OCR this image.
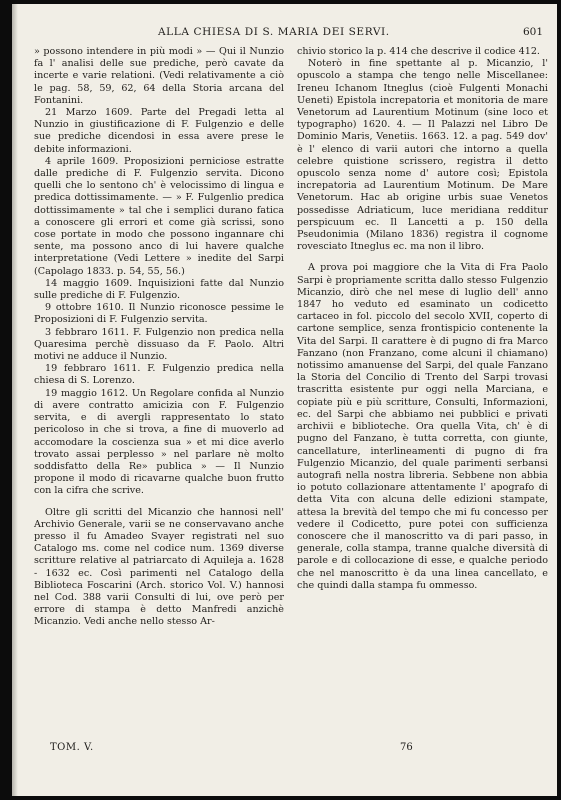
ALLA CHIESA DI S. MARIA DEI SERVI.	601

» possono intendere in più modi » — Qui il Nunzio fa l' analisi delle sue prediche, però cavate da incerte e varie relationi. (Vedi relativamente a ciò le pag. 58, 59, 62, 64 della Storia arcana del Fontanini.

21 Marzo 1609. Parte del Pregadi letta al Nunzio in giustificazione di F. Fulgenzio e delle sue prediche dicendosi in essa avere prese le debite informazioni.

4 aprile 1609. Proposizioni perniciose estratte dalle prediche di F. Fulgenzio servita. Dicono quelli che lo sentono ch' è velocissimo di lingua e predica dottissimamente. — » F. Fulgenlio predica dottissimamente » tal che i semplici durano fatica a conoscere gli errori et come già scrissi, sono cose portate in modo che possono ingannare chi sente, ma possono anco di lui havere qualche interpretatione (Vedi Lettere » inedite del Sarpi (Capolago 1833. p. 54, 55, 56.)

14 maggio 1609. Inquisizioni fatte dal Nunzio sulle prediche di F. Fulgenzio.

9 ottobre 1610. Il Nunzio riconosce pessime le Proposizioni di F. Fulgenzio servita.

3 febbraro 1611. F. Fulgenzio non predica nella Quaresima perchè dissuaso da F. Paolo. Altri motivi ne adduce il Nunzio.

19 febbraro 1611. F. Fulgenzio predica nella chiesa di S. Lorenzo.

19 maggio 1612. Un Regolare confida al Nunzio di avere contratto amicizia con F. Fulgenzio servita, e di avergli rappresentato lo stato pericoloso in che si trova, a fine di muoverlo ad accomodare la coscienza sua » et mi dice averlo trovato assai perplesso » nel parlare nè molto soddisfatto della Re» publica » — Il Nunzio propone il modo di ricavarne qualche buon frutto con la cifra che scrive.

Oltre gli scritti del Micanzio che hannosi nell' Archivio Generale, varii se ne conservavano anche presso il fu Amadeo Svayer registrati nel suo Catalogo ms. come nel codice num. 1369 diverse scritture relative al patriarcato di Aquileja a. 1628 - 1632 ec. Così parimenti nel Catalogo della Biblioteca Foscarini (Arch. storico Vol. V.) hannosi nel Cod. 388 varii Consulti di lui, ove però per errore di stampa è detto Manfredi anzichè Micanzio. Vedi anche nello stesso Ar-

chivio storico la p. 414 che descrive il codice 412.

Noterò in fine spettante al p. Micanzio, l' opuscolo a stampa che tengo nelle Miscellanee: Ireneu Ichanom Itneglus (cioè Fulgenti Monachi Ueneti) Epistola increpatoria et monitoria de mare Venetorum ad Laurentium Motinum (sine loco et typographo) 1620. 4. — Il Palazzi nel Libro De Dominio Maris, Venetiis. 1663. 12. a pag. 549 dov' è l' elenco di varii autori che intorno a quella celebre quistione scrissero, registra il detto opuscolo senza nome d' autore così; Epistola increpatoria ad Laurentium Motinum. De Mare Venetorum. Hac ab origine urbis suae Venetos possedisse Adriaticum, luce meridiana redditur perspicuum ec. Il Lancetti a p. 150 della Pseudonimia (Milano 1836) registra il cognome rovesciato Itneglus ec. ma non il libro.

A prova poi maggiore che la Vita di Fra Paolo Sarpi è propriamente scritta dallo stesso Fulgenzio Micanzio, dirò che nel mese di luglio dell' anno 1847 ho veduto ed esaminato un codicetto cartaceo in fol. piccolo del secolo XVII, coperto di cartone semplice, senza frontispicio contenente la Vita del Sarpi. Il carattere è di pugno di fra Marco Fanzano (non Franzano, come alcuni il chiamano) notissimo amanuense del Sarpi, del quale Fanzano la Storia del Concilio di Trento del Sarpi trovasi trascritta esistente pur oggi nella Marciana, e copiate più e più scritture, Consulti, Informazioni, ec. del Sarpi che abbiamo nei pubblici e privati archivii e biblioteche. Ora quella Vita, ch' è di pugno del Fanzano, è tutta corretta, con giunte, cancellature, interlineamenti di pugno di fra Fulgenzio Micanzio, del quale parimenti serbansi autografi nella nostra libreria. Sebbene non abbia io potuto collazionare attentamente l' apografo di detta Vita con alcuna delle edizioni stampate, attesa la brevità del tempo che mi fu concesso per vedere il Codicetto, pure potei con sufficienza conoscere che il manoscritto va di pari passo, in generale, colla stampa, tranne qualche diversità di parole e di collocazione di esse, e qualche periodo che nel manoscritto è da una linea cancellato, e che quindi dalla stampa fu ommesso.

TOM. V.	76
